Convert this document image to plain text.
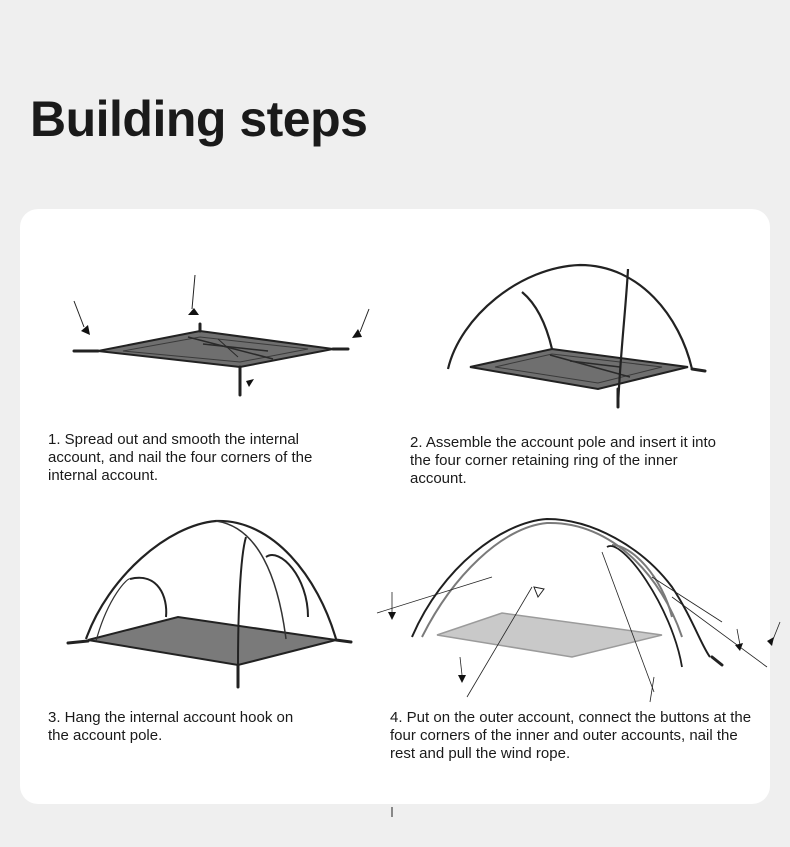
Building steps

1. Spread out and smooth the internal account, and nail the four corners of the internal account.

2. Assemble the account pole and insert it into the four corner retaining ring of the inner account.

3. Hang the internal account hook on the account pole.

4. Put on the outer account, connect the buttons at the four corners of the inner and outer accounts, nail the rest and pull the wind rope.
